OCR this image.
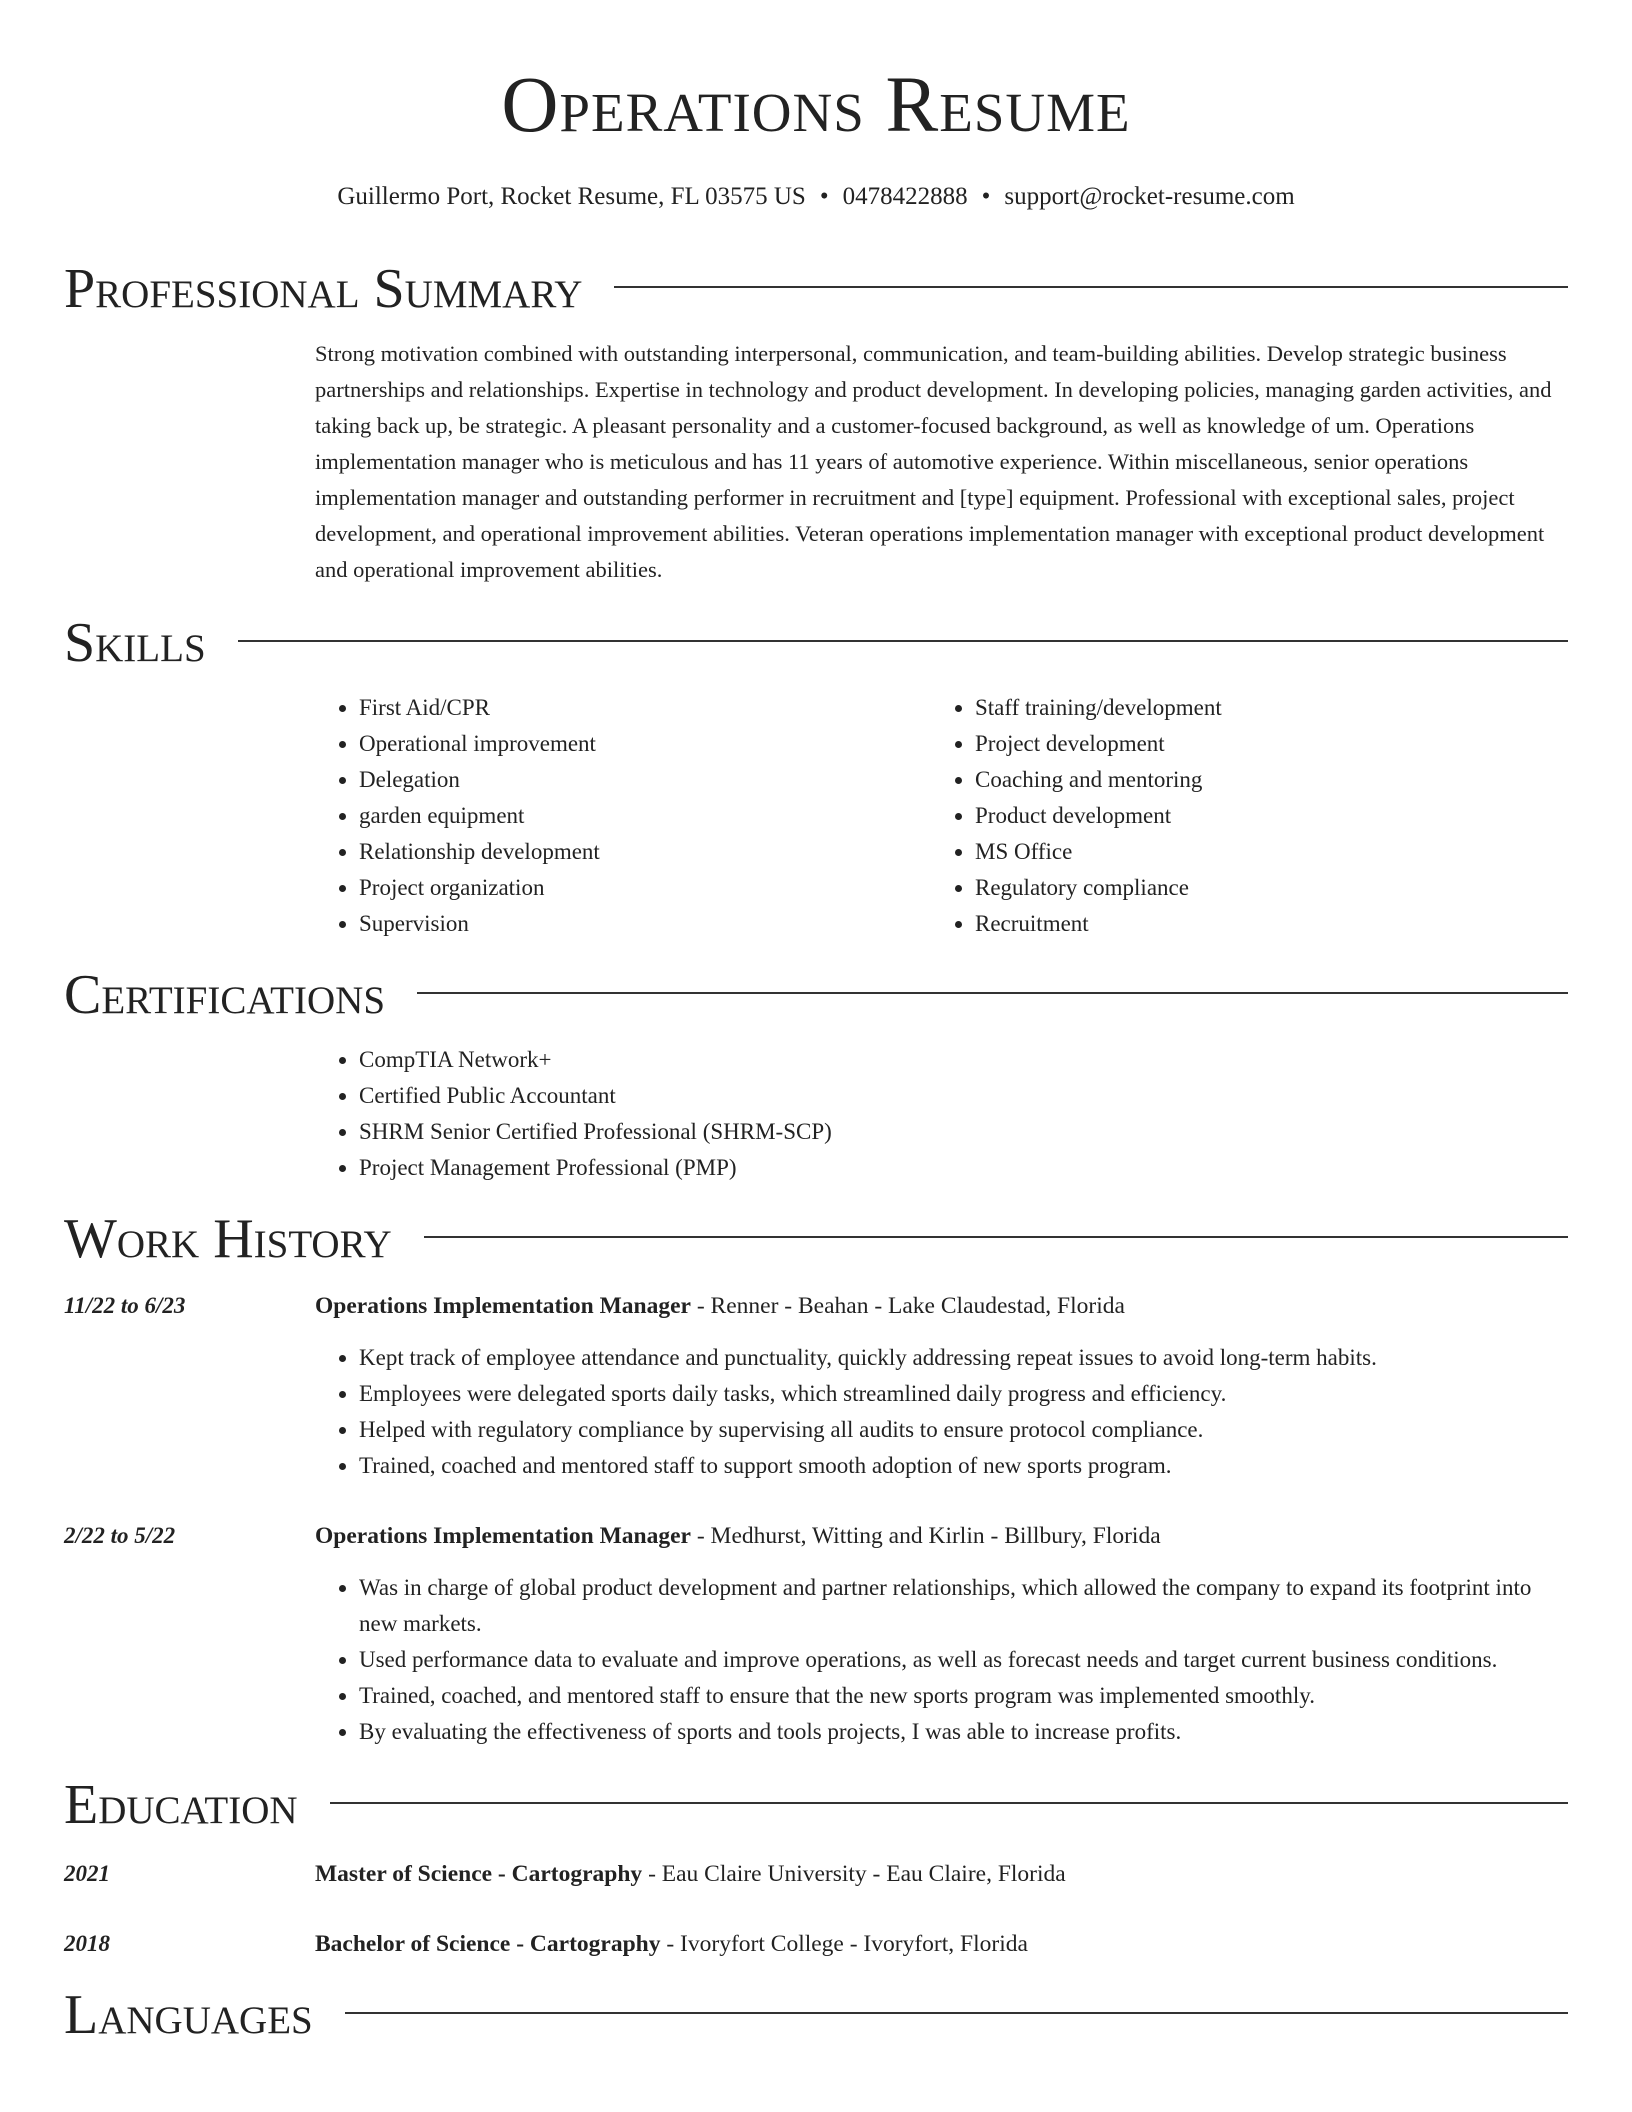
Operations Resume
Guillermo Port, Rocket Resume, FL 03575 US • 0478422888 • support@rocket-resume.com
Professional Summary

Strong motivation combined with outstanding interpersonal, communication, and team-building abilities. Develop strategic business partnerships and relationships. Expertise in technology and product development. In developing policies, managing garden activities, and taking back up, be strategic. A pleasant personality and a customer-focused background, as well as knowledge of um. Operations implementation manager who is meticulous and has 11 years of automotive experience. Within miscellaneous, senior operations implementation manager and outstanding performer in recruitment and [type] equipment. Professional with exceptional sales, project development, and operational improvement abilities. Veteran operations implementation manager with exceptional product development and operational improvement abilities.

Skills
• First Aid/CPR
• Operational improvement
• Delegation
• garden equipment
• Relationship development
• Project organization
• Supervision
• Staff training/development
• Project development
• Coaching and mentoring
• Product development
• MS Office
• Regulatory compliance
• Recruitment
Certifications
• CompTIA Network+
• Certified Public Accountant
• SHRM Senior Certified Professional (SHRM-SCP)
• Project Management Professional (PMP)
Work History
11/22 to 6/23	Operations Implementation Manager - Renner - Beahan - Lake Claudestad, Florida
• Kept track of employee attendance and punctuality, quickly addressing repeat issues to avoid long-term habits.
• Employees were delegated sports daily tasks, which streamlined daily progress and efficiency.
• Helped with regulatory compliance by supervising all audits to ensure protocol compliance.
• Trained, coached and mentored staff to support smooth adoption of new sports program.
2/22 to 5/22	Operations Implementation Manager - Medhurst, Witting and Kirlin - Billbury, Florida
• Was in charge of global product development and partner relationships, which allowed the company to expand its footprint into new markets.
• Used performance data to evaluate and improve operations, as well as forecast needs and target current business conditions.
• Trained, coached, and mentored staff to ensure that the new sports program was implemented smoothly.
• By evaluating the effectiveness of sports and tools projects, I was able to increase profits.
Education
2021	Master of Science - Cartography - Eau Claire University - Eau Claire, Florida
2018	Bachelor of Science - Cartography - Ivoryfort College - Ivoryfort, Florida
Languages
